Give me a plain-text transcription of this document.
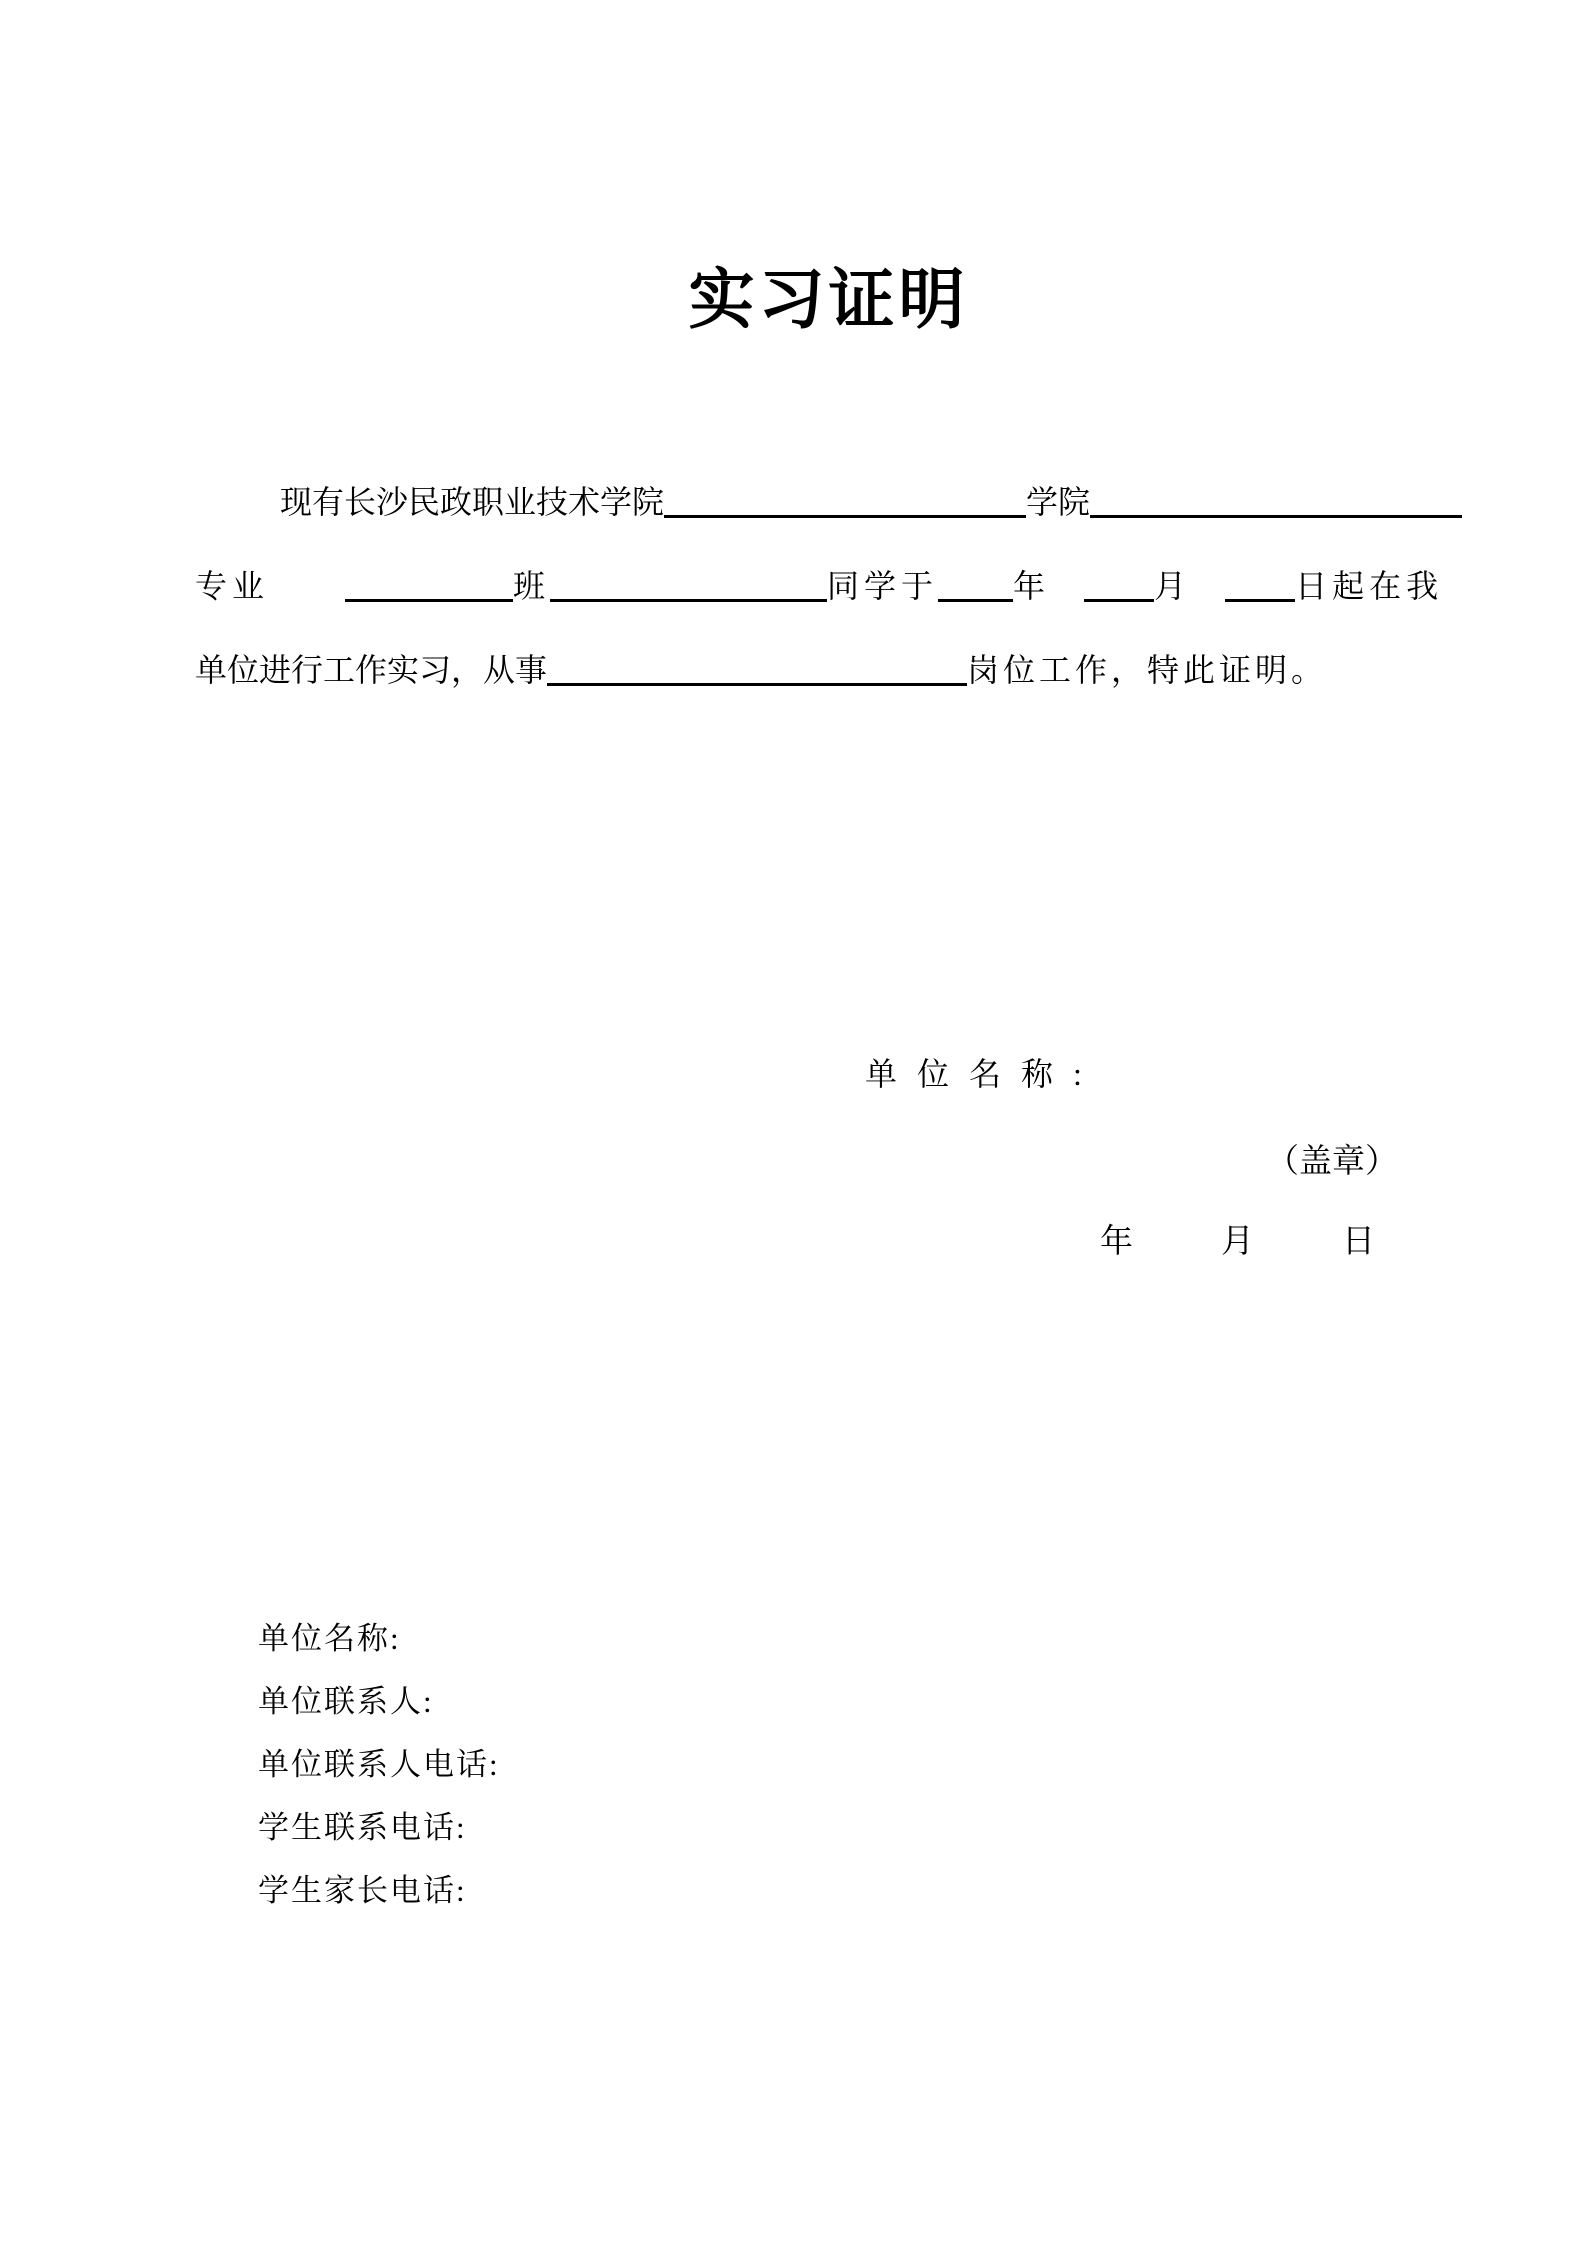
实习证明
现有长沙民政职业技术学院	学院
专业	班	同学于 年	月	日起在我
单位进行工作实习，从事	岗位工作，特此证明。
单位名称:
（盖章）
年	月	日
单位名称:
单位联系人:
单位联系人电话:
学生联系电话:
学生家长电话:
